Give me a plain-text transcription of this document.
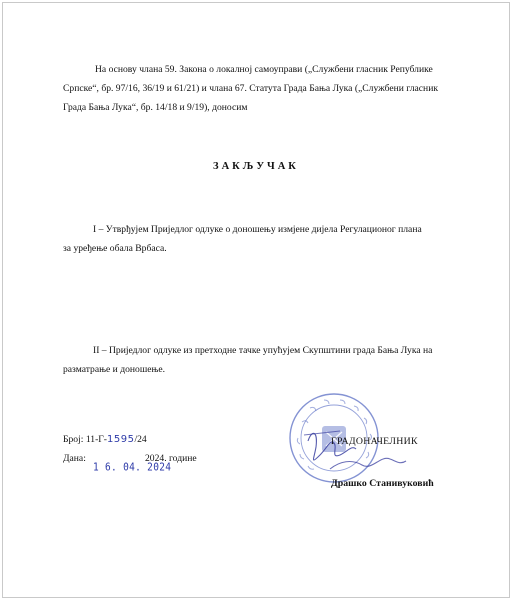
На основу члана 59. Закона о локалној самоуправи („Службени гласник Републике
Српске“, бр. 97/16, 36/19 и 61/21) и члана 67. Статута Града Бања Лука („Службени гласник
Града Бања Лука“, бр. 14/18 и 9/19), доносим
ЗАКЉУЧАК
I – Утврђујем Приједлог одлуке о доношењу измјене дијела Регулационог плана
за уређење обала Врбаса.
II – Приједлог одлуке из претходне тачке упућујем Скупштини града Бања Лука на
разматрање и доношење.
Број: 11-Г-1595/24
Дана:	2024. године
1 6. 04. 2024
ГРАДОНАЧЕЛНИК
Драшко Станивуковић
